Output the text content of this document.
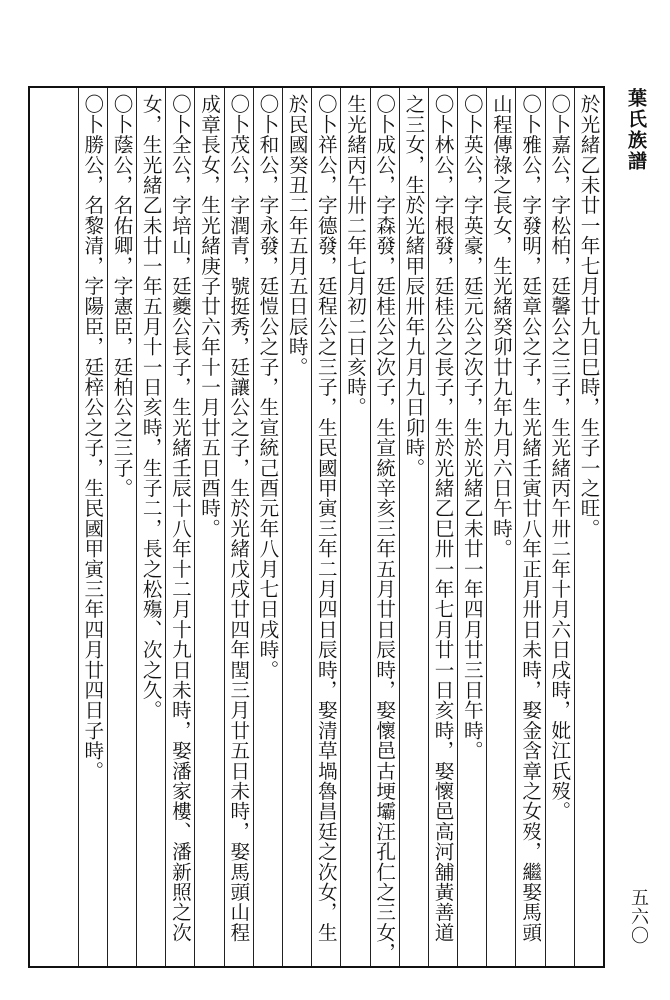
葉氏族譜
於光緒乙未廿一年七月廿九日巳時，生子一之旺。
〇卜嘉公，字松柏，廷馨公之三子，生光緒丙午卅二年十月六日戌時，妣江氏歿。
〇卜雅公，字發明，廷章公之子，生光緒壬寅廿八年正月卅日未時，娶金含章之女歿，繼娶馬頭
山程傳祿之長女，生光緒癸卯廿九年九月六日午時。
〇卜英公，字英豪，廷元公之次子，生於光緒乙未廿一年四月廿三日午時。
〇卜林公，字根發，廷桂公之長子，生於光緒乙巳卅一年七月廿一日亥時，娶懷邑高河舖黃善道
之三女，生於光緒甲辰卅年九月九日卯時。
〇卜成公，字森發，廷桂公之次子，生宣統辛亥三年五月廿日辰時，娶懷邑古埂壩汪孔仁之三女，
生光緒丙午卅二年七月初二日亥時。
〇卜祥公，字德發，廷程公之三子，生民國甲寅三年二月四日辰時，娶清草堝魯昌廷之次女，生
於民國癸丑二年五月五日辰時。
〇卜和公，字永發，廷愷公之子，生宣統己酉元年八月七日戌時。
〇卜茂公，字潤青，號挺秀，廷讓公之子，生於光緒戊戌廿四年閏三月廿五日未時，娶馬頭山程
成章長女，生光緒庚子廿六年十一月廿五日酉時。
〇卜全公，字培山，廷夔公長子，生光緒壬辰十八年十二月十九日未時，娶潘家樓、潘新照之次
女，生光緒乙未廿一年五月十一日亥時，生子二，長之松殤、次之久。
〇卜蔭公，名佑卿，字憲臣，廷柏公之三子。
〇卜勝公，名黎清，字陽臣，廷梓公之子，生民國甲寅三年四月廿四日子時。
五六〇
